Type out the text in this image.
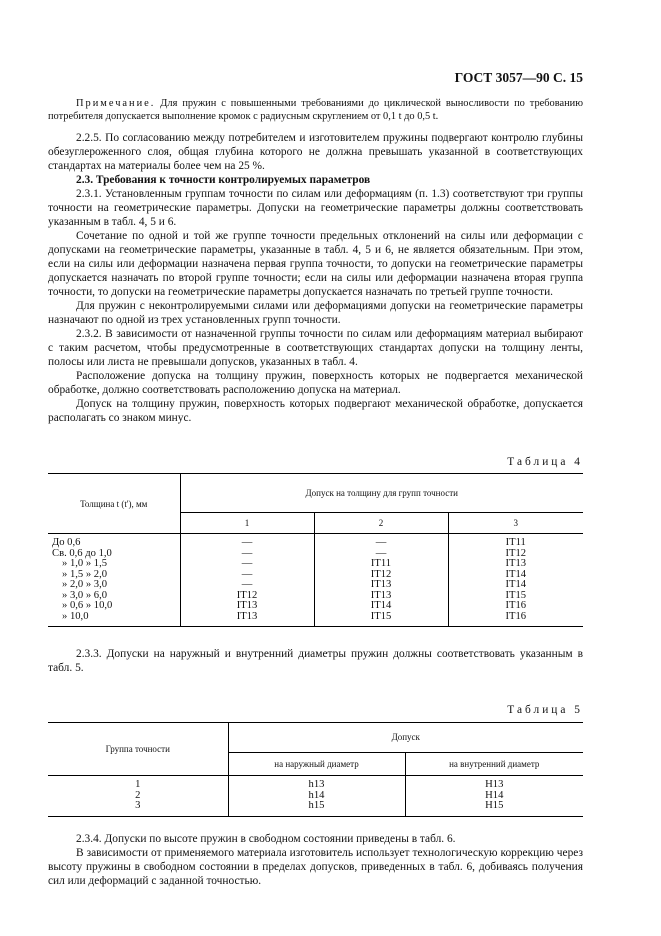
ГОСТ 3057—90 С. 15

Примечание. Для пружин с повышенными требованиями до циклической выносливости по требованию потребителя допускается выполнение кромок с радиусным скруглением от 0,1 t до 0,5 t.

2.2.5. По согласованию между потребителем и изготовителем пружины подвергают контролю глубины обезуглероженного слоя, общая глубина которого не должна превышать указанной в соответствующих стандартах на материалы более чем на 25 %.

2.3. Требования к точности контролируемых параметров

2.3.1. Установленным группам точности по силам или деформациям (п. 1.3) соответствуют три группы точности на геометрические параметры. Допуски на геометрические параметры должны соответствовать указанным в табл. 4, 5 и 6.

Сочетание по одной и той же группе точности предельных отклонений на силы или деформации с допусками на геометрические параметры, указанные в табл. 4, 5 и 6, не является обязательным. При этом, если на силы или деформации назначена первая группа точности, то допуски на геометрические параметры допускается назначать по второй группе точности; если на силы или деформации назначена вторая группа точности, то допуски на геометрические параметры допускается назначать по третьей группе точности.

Для пружин с неконтролируемыми силами или деформациями допуски на геометрические параметры назначают по одной из трех установленных групп точности.

2.3.2. В зависимости от назначенной группы точности по силам или деформациям материал выбирают с таким расчетом, чтобы предусмотренные в соответствующих стандартах допуски на толщину ленты, полосы или листа не превышали допусков, указанных в табл. 4.

Расположение допуска на толщину пружин, поверхность которых не подвергается механической обработке, должно соответствовать расположению допуска на материал.

Допуск на толщину пружин, поверхность которых подвергают механической обработке, допускается располагать со знаком минус.

Таблица 4

Толщина t (t'), мм	Допуск на толщину для групп точности		
	1	2	3
До 0,6	—	—	IT11
Св. 0,6 до 1,0	—	—	IT12
» 1,0 » 1,5	—	IT11	IT13
» 1,5 » 2,0	—	IT12	IT14
» 2,0 » 3,0	—	IT13	IT14
» 3,0 » 6,0	IT12	IT13	IT15
» 0,6 » 10,0	IT13	IT14	IT16
» 10,0	IT13	IT15	IT16

2.3.3. Допуски на наружный и внутренний диаметры пружин должны соответствовать указанным в табл. 5.

Таблица 5

Группа точности	Допуск	
	на наружный диаметр	на внутренний диаметр
1	h13	H13
2	h14	H14
3	h15	H15

2.3.4. Допуски по высоте пружин в свободном состоянии приведены в табл. 6.

В зависимости от применяемого материала изготовитель использует технологическую коррекцию через высоту пружины в свободном состоянии в пределах допусков, приведенных в табл. 6, добиваясь получения сил или деформаций с заданной точностью.
